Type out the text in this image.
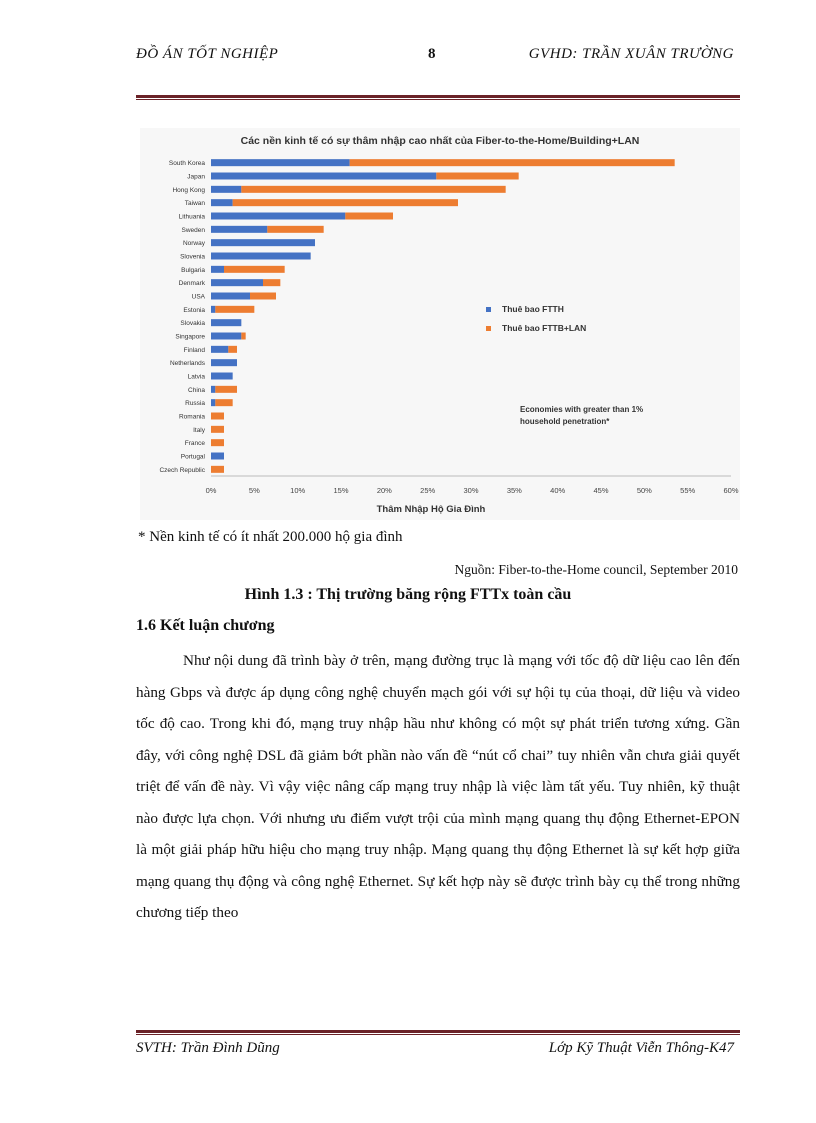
ĐỒ ÁN TỐT NGHIỆP	8	GVHD: TRẦN XUÂN TRƯỜNG
Các nền kinh tế có sự thâm nhập cao nhất của Fiber-to-the-Home/Building+LAN
0%	5%	10%	15%	20%	25%	30%	35%	40%	45%	50%	55%	60%
Thâm Nhập Hộ Gia Đình
South Korea
Japan
Hong Kong
Taiwan
Lithuania
Sweden
Norway
Slovenia
Bulgaria
Denmark
USA
Estonia
Slovakia
Singapore
Finland
Netherlands
Latvia
China
Russia
Romania
Italy
France
Portugal
Czech Republic
Thuê bao FTTH
Thuê bao FTTB+LAN
Economies with greater than 1%
household penetration*
* Nền kinh tế có ít nhất 200.000 hộ gia đình
Nguồn: Fiber-to-the-Home council, September 2010
Hình 1.3 : Thị trường băng rộng FTTx toàn cầu
1.6 Kết luận chương
Như nội dung đã trình bày ở trên, mạng đường trục là mạng với tốc độ dữ liệu cao lên đến hàng Gbps và được áp dụng công nghệ chuyển mạch gói với sự hội tụ của thoại, dữ liệu và video tốc độ cao. Trong khi đó, mạng truy nhập hầu như không có một sự phát triển tương xứng. Gần đây, với công nghệ DSL đã giảm bớt phần nào vấn đề “nút cổ chai” tuy nhiên vẫn chưa giải quyết triệt để vấn đề này. Vì vậy việc nâng cấp mạng truy nhập là việc làm tất yếu. Tuy nhiên, kỹ thuật nào được lựa chọn. Với nhưng ưu điểm vượt trội của mình mạng quang thụ động Ethernet-EPON là một giải pháp hữu hiệu cho mạng truy nhập. Mạng quang thụ động Ethernet là sự kết hợp giữa mạng quang thụ động và công nghệ Ethernet. Sự kết hợp này sẽ được trình bày cụ thể trong những chương tiếp theo
SVTH: Trần Đình Dũng	Lớp Kỹ Thuật Viễn Thông-K47
